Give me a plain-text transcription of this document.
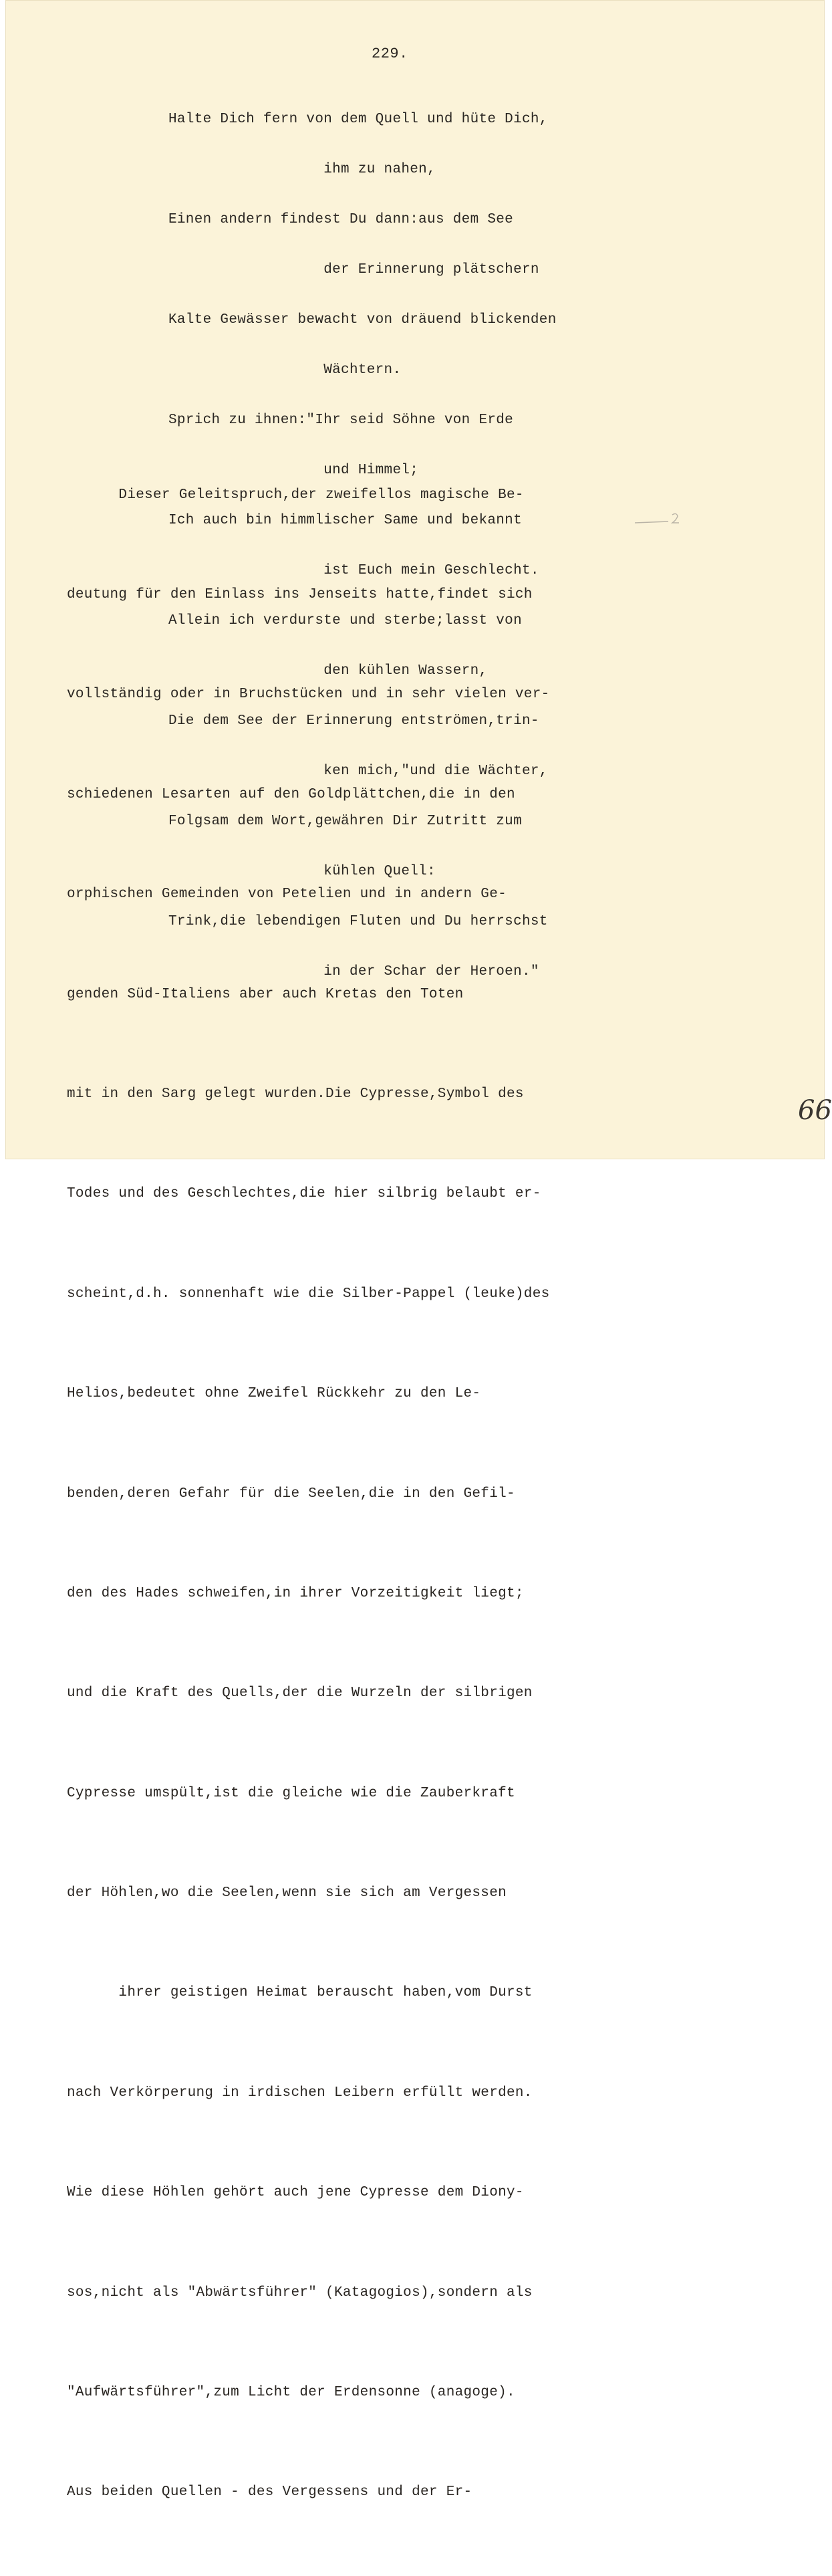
229.

Halte Dich fern von dem Quell und hüte Dich,

ihm zu nahen,

Einen andern findest Du dann:aus dem See

der Erinnerung plätschern

Kalte Gewässer bewacht von dräuend blickenden

Wächtern.

Sprich zu ihnen:"Ihr seid Söhne von Erde

und Himmel;

Ich auch bin himmlischer Same und bekannt

ist Euch mein Geschlecht.

Allein ich verdurste und sterbe;lasst von

den kühlen Wassern,

Die dem See der Erinnerung entströmen,trin-

ken mich,"und die Wächter,

Folgsam dem Wort,gewähren Dir Zutritt zum

kühlen Quell:

Trink,die lebendigen Fluten und Du herrschst

in der Schar der Heroen."

Dieser Geleitspruch,der zweifellos magische Be-

deutung für den Einlass ins Jenseits hatte,findet sich

vollständig oder in Bruchstücken und in sehr vielen ver-

schiedenen Lesarten auf den Goldplättchen,die in den

orphischen Gemeinden von Petelien und in andern Ge-

genden Süd-Italiens aber auch Kretas den Toten

mit in den Sarg gelegt wurden.Die Cypresse,Symbol des

Todes und des Geschlechtes,die hier silbrig belaubt er-

scheint,d.h. sonnenhaft wie die Silber-Pappel (leuke)des

Helios,bedeutet ohne Zweifel Rückkehr zu den Le-

benden,deren Gefahr für die Seelen,die in den Gefil-

den des Hades schweifen,in ihrer Vorzeitigkeit liegt;

und die Kraft des Quells,der die Wurzeln der silbrigen

Cypresse umspült,ist die gleiche wie die Zauberkraft

der Höhlen,wo die Seelen,wenn sie sich am Vergessen

ihrer geistigen Heimat berauscht haben,vom Durst

nach Verkörperung in irdischen Leibern erfüllt werden.

Wie diese Höhlen gehört auch jene Cypresse dem Diony-

sos,nicht als "Abwärtsführer" (Katagogios),sondern als

"Aufwärtsführer",zum Licht der Erdensonne (anagoge).

Aus beiden Quellen - des Vergessens und der Er-

66
